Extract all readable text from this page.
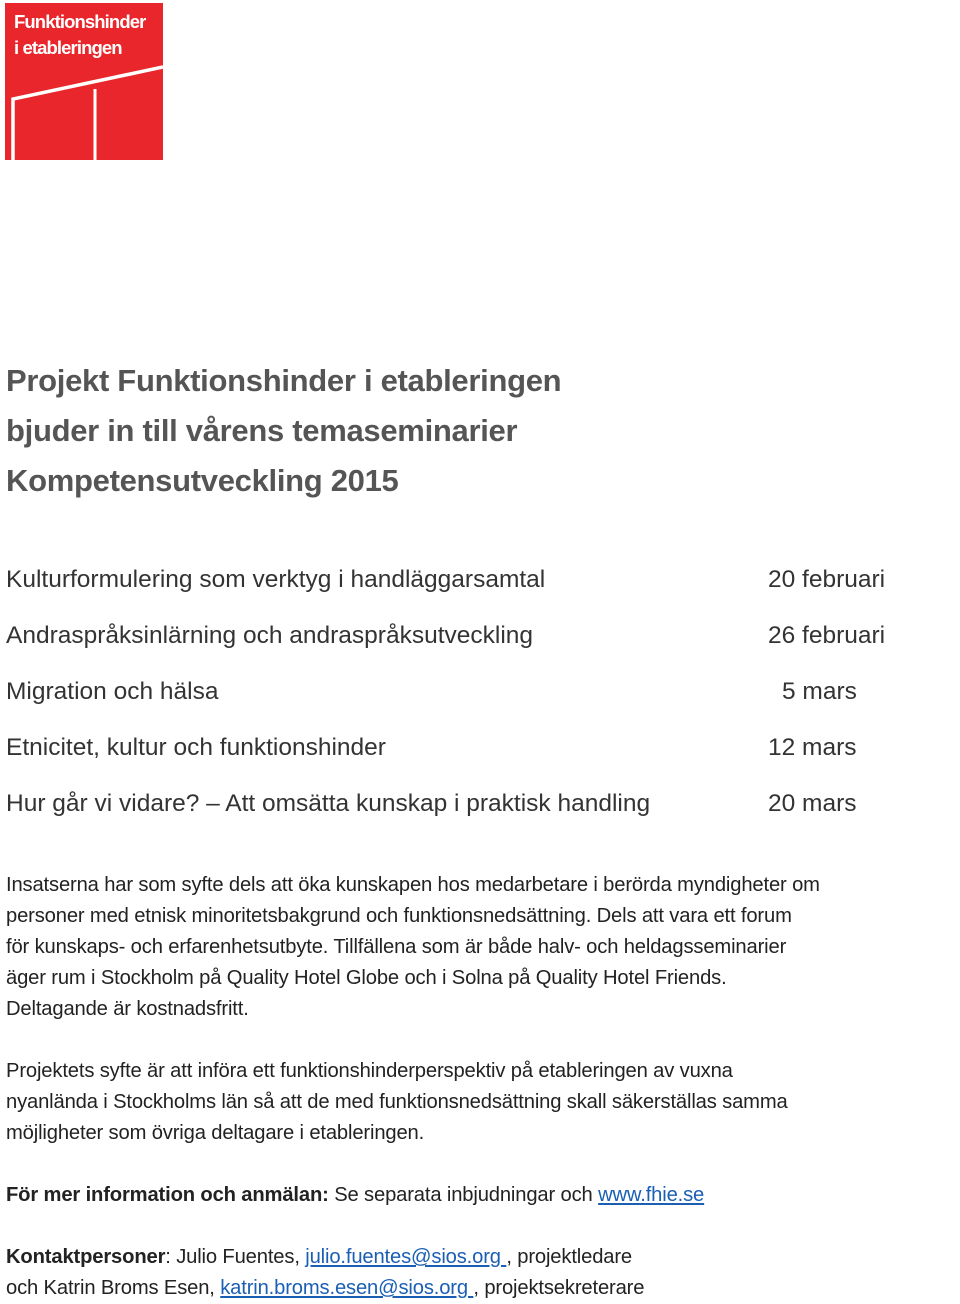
Funktionshinder
i etableringen
Projekt Funktionshinder i etableringen
bjuder in till vårens temaseminarier
Kompetensutveckling 2015
Kulturformulering som verktyg i handläggarsamtal	20 februari
Andraspråksinlärning och andraspråksutveckling	26 februari
Migration och hälsa	5 mars
Etnicitet, kultur och funktionshinder	12 mars
Hur går vi vidare? – Att omsätta kunskap i praktisk handling	20 mars

Insatserna har som syfte dels att öka kunskapen hos medarbetare i berörda myndigheter om
personer med etnisk minoritetsbakgrund och funktionsnedsättning. Dels att vara ett forum
för kunskaps- och erfarenhetsutbyte. Tillfällena som är både halv- och heldagsseminarier
äger rum i Stockholm på Quality Hotel Globe och i Solna på Quality Hotel Friends.
Deltagande är kostnadsfritt.

Projektets syfte är att införa ett funktionshinderperspektiv på etableringen av vuxna
nyanlända i Stockholms län så att de med funktionsnedsättning skall säkerställas samma
möjligheter som övriga deltagare i etableringen.

För mer information och anmälan: Se separata inbjudningar och www.fhie.se

Kontaktpersoner: Julio Fuentes, julio.fuentes@sios.org , projektledare
och Katrin Broms Esen, katrin.broms.esen@sios.org , projektsekreterare
